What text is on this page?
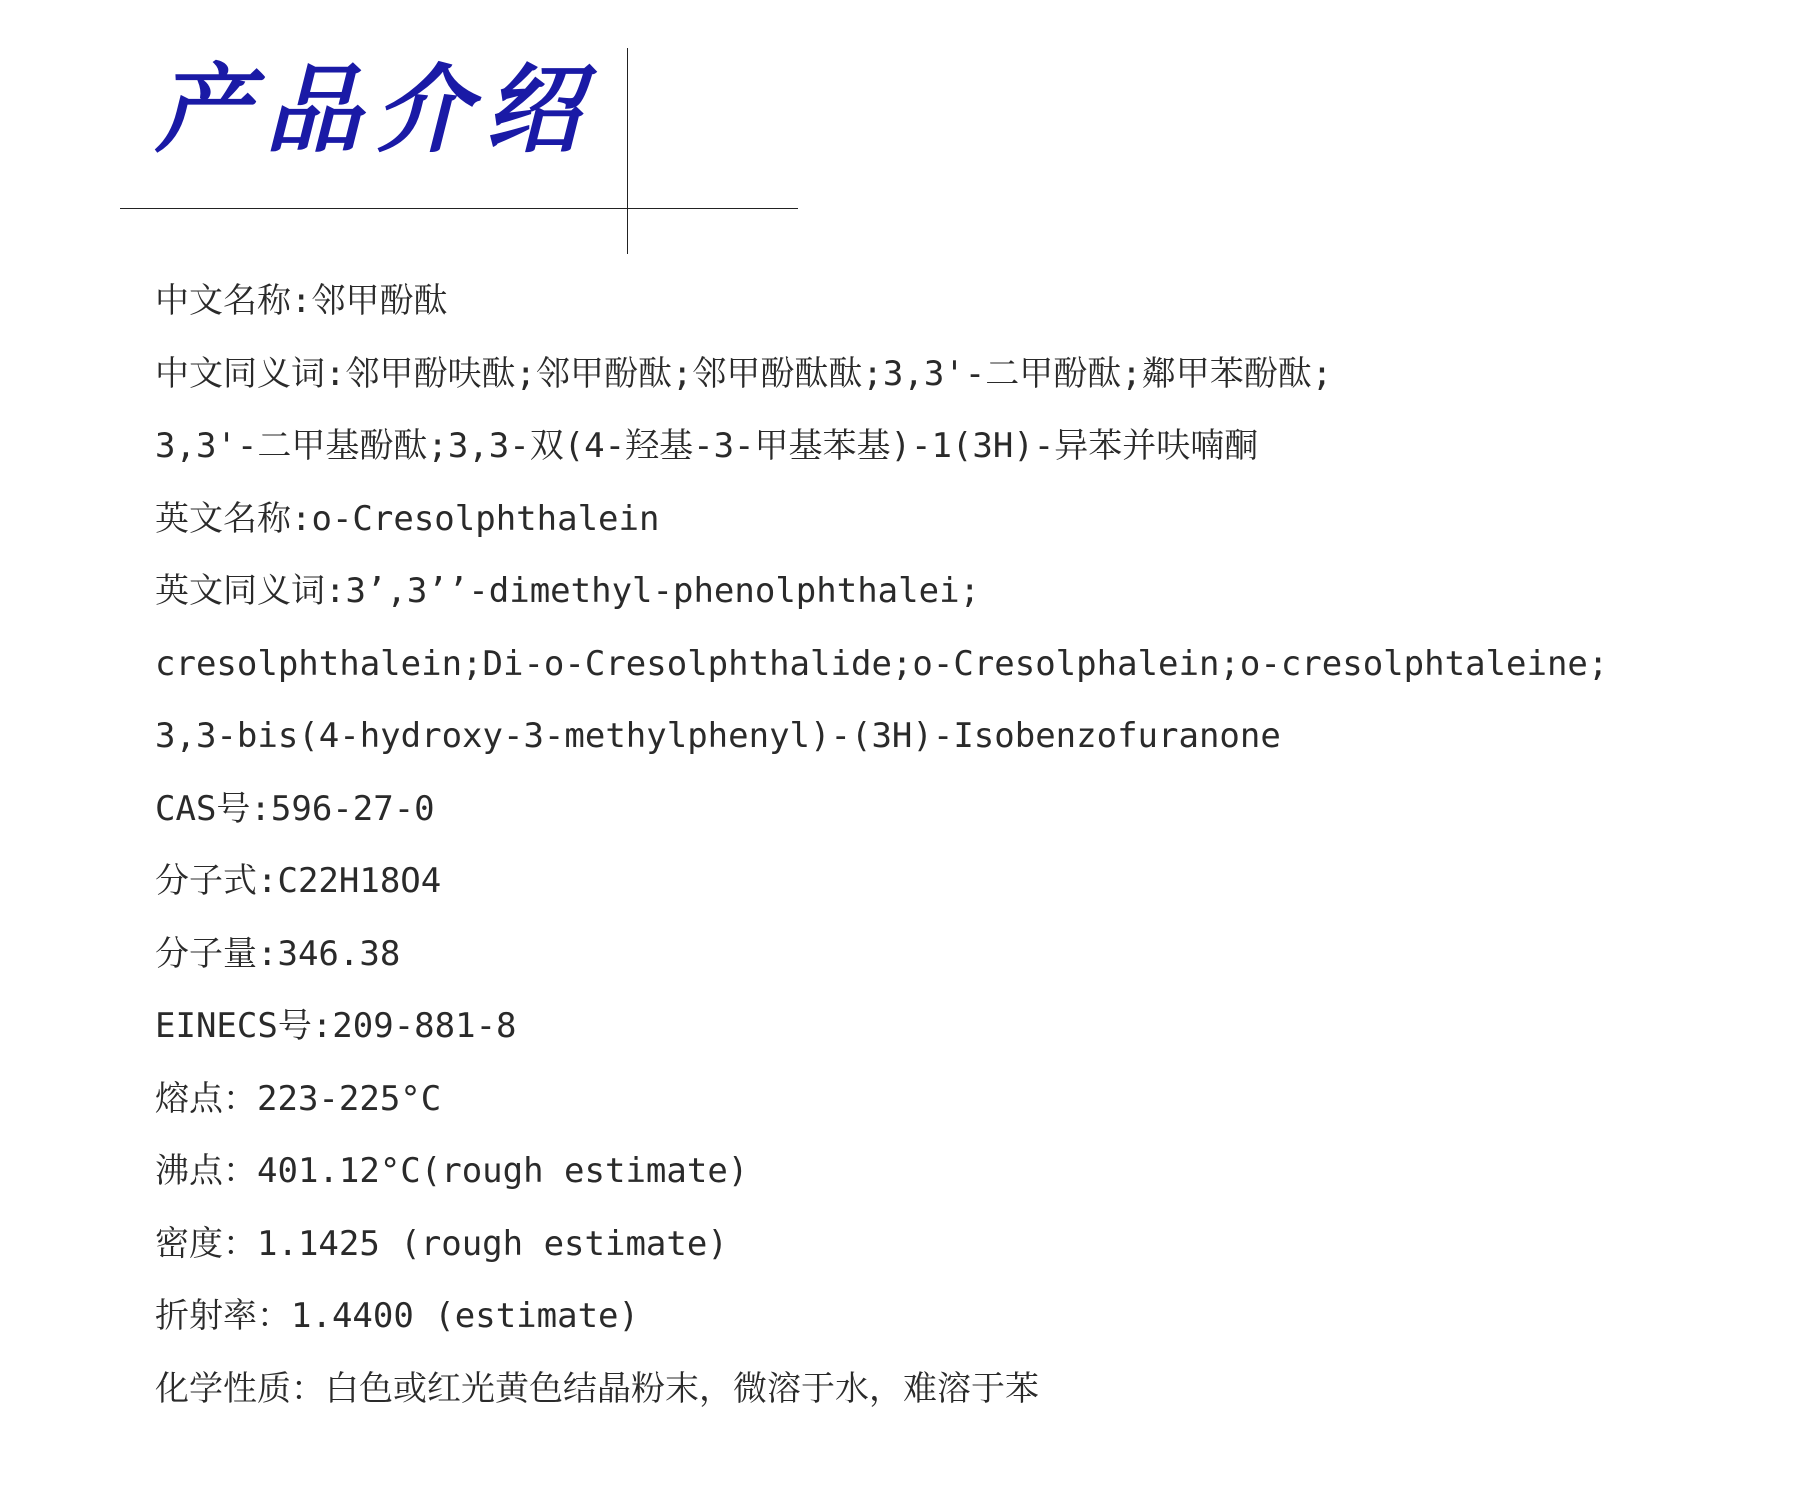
产品介绍
中文名称:邻甲酚酞
中文同义词:邻甲酚呋酞;邻甲酚酞;邻甲酚酞酞;3,3'-二甲酚酞;鄰甲苯酚酞;
3,3'-二甲基酚酞;3,3-双(4-羟基-3-甲基苯基)-1(3H)-异苯并呋喃酮
英文名称:o-Cresolphthalein
英文同义词:3’,3’’-dimethyl-phenolphthalei;
cresolphthalein;Di-o-Cresolphthalide;o-Cresolphalein;o-cresolphtaleine;
3,3-bis(4-hydroxy-3-methylphenyl)-(3H)-Isobenzofuranone
CAS号:596-27-0
分子式:C22H18O4
分子量:346.38
EINECS号:209-881-8
熔点：223-225°C
沸点：401.12°C(rough estimate)
密度：1.1425 (rough estimate)
折射率：1.4400 (estimate)
化学性质：白色或红光黄色结晶粉末，微溶于水，难溶于苯
